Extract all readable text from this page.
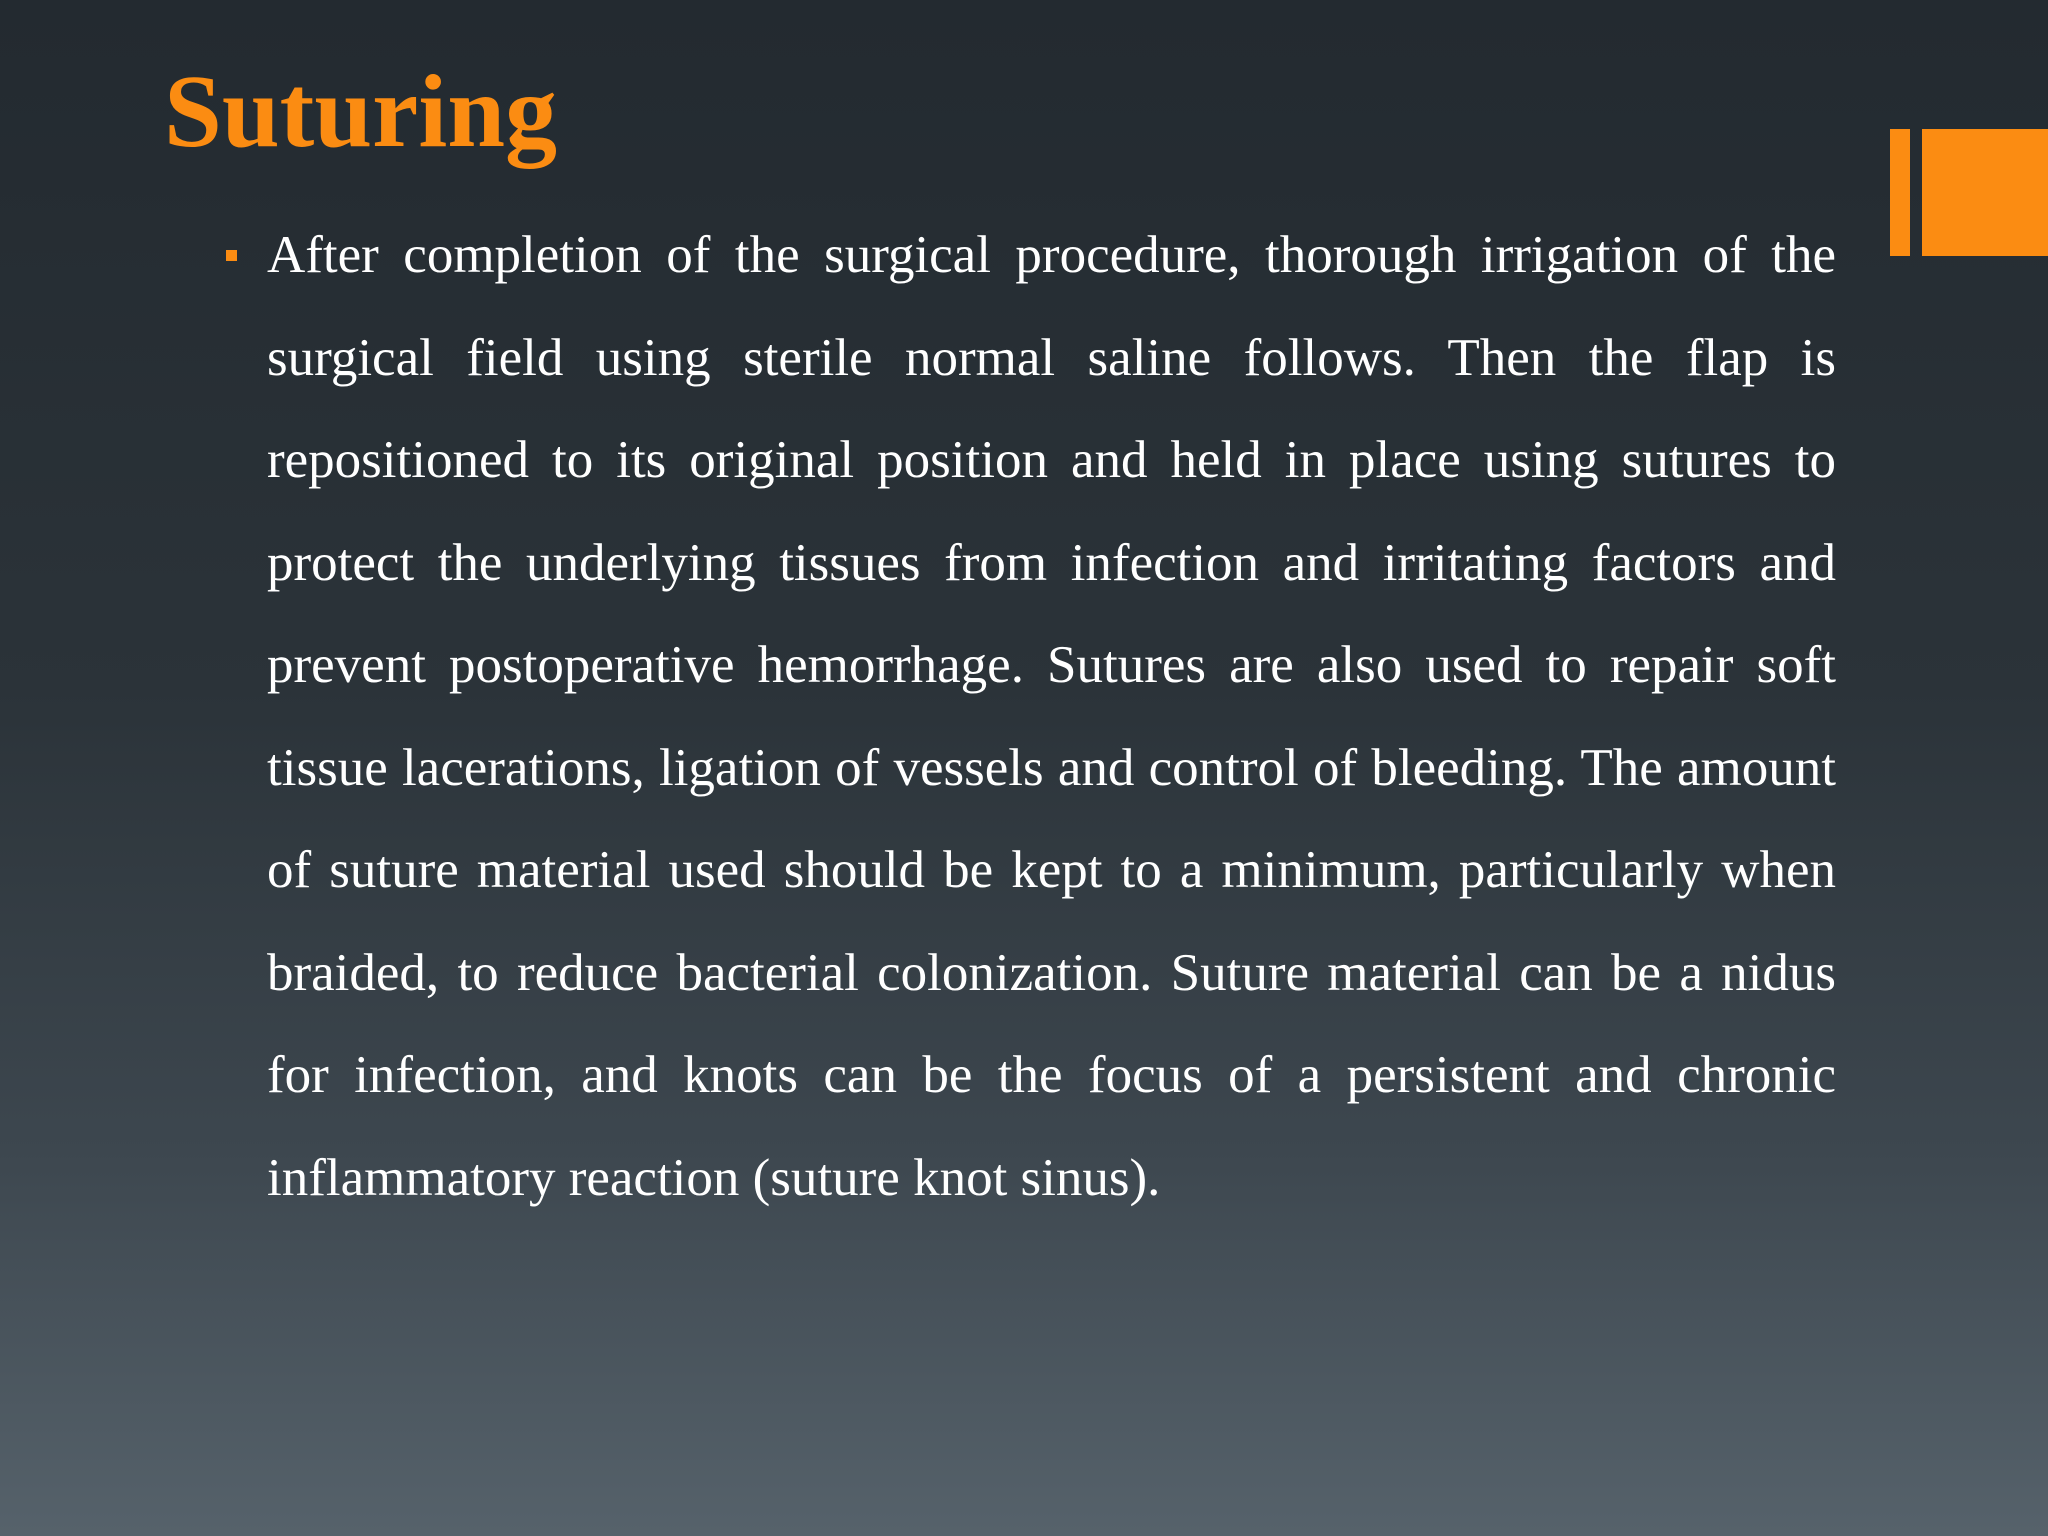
Suturing

After completion of the surgical procedure, thorough irrigation of the surgical field using sterile normal saline follows. Then the flap is repositioned to its original position and held in place using sutures to protect the underlying tissues from infection and irritating factors and prevent postoperative hemorrhage. Sutures are also used to repair soft tissue lacerations, ligation of vessels and control of bleeding. The amount of suture material used should be kept to a minimum, particularly when braided, to reduce bacterial colonization. Suture material can be a nidus for infection, and knots can be the focus of a persistent and chronic inflammatory reaction (suture knot sinus).
